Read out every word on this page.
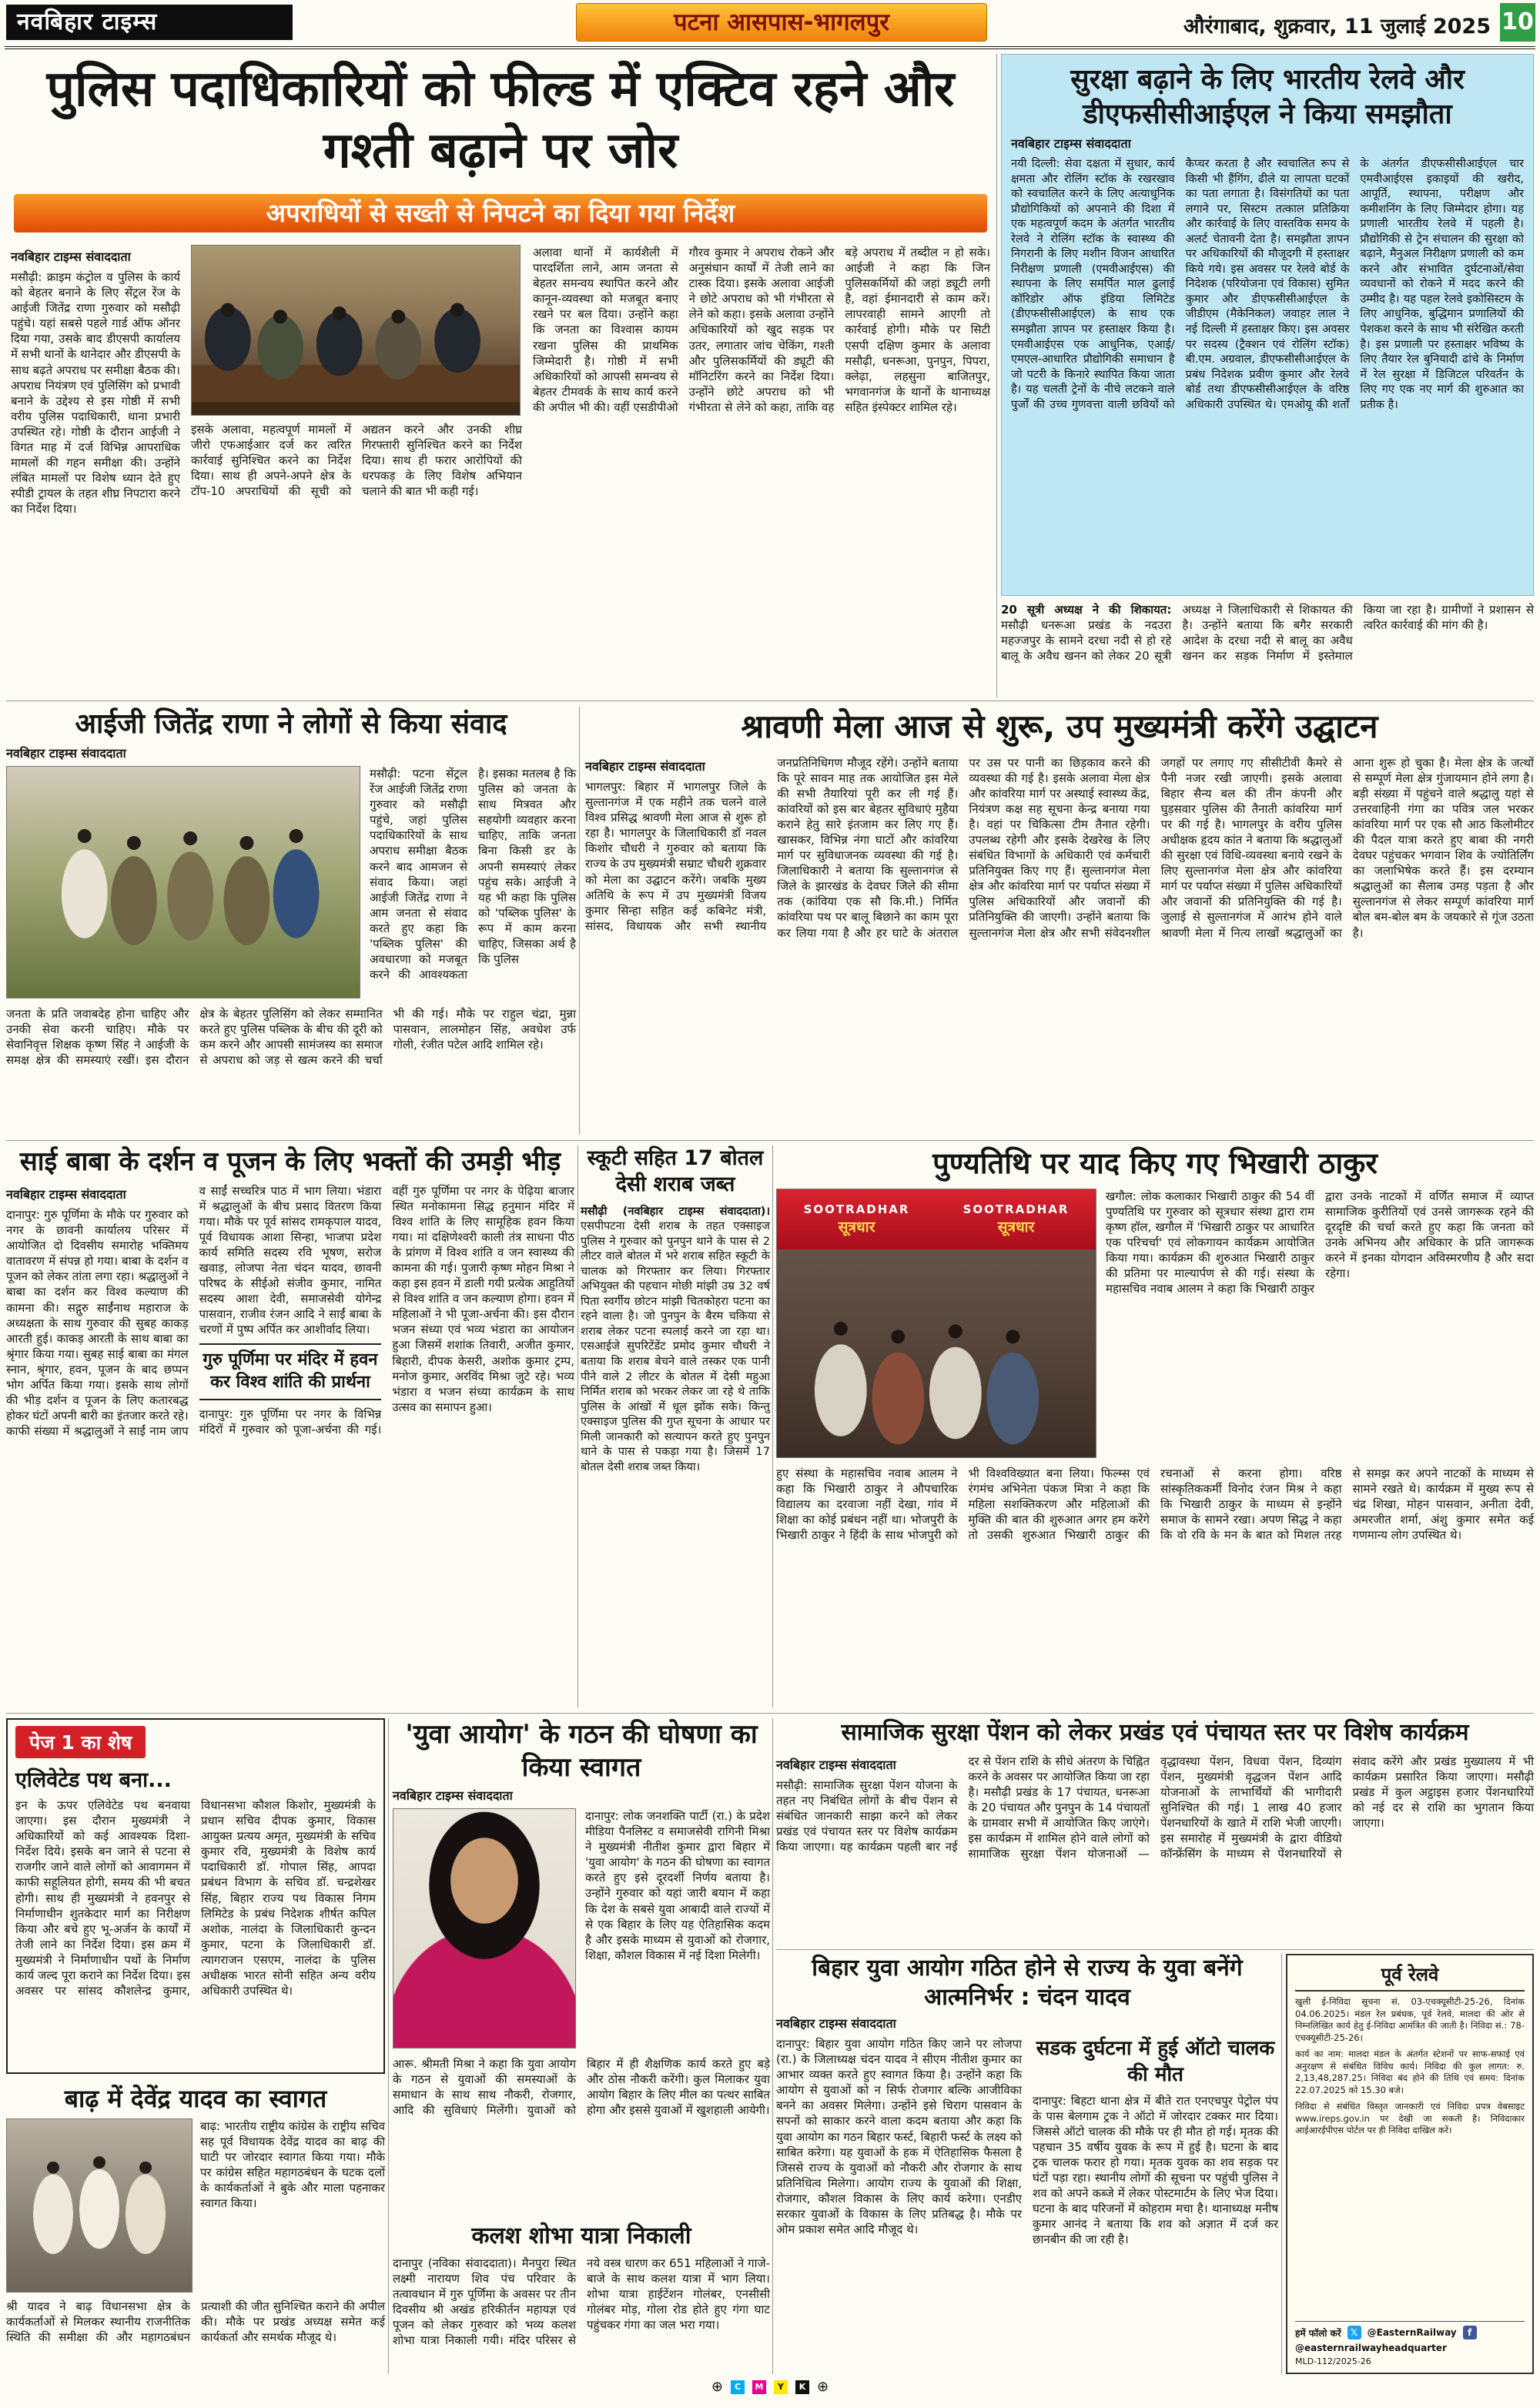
नवबिहार टाइम्स	पटना आसपास-भागलपुर	औरंगाबाद, शुक्रवार, 11 जुलाई 2025 10
पुलिस पदाधिकारियों को फील्ड में एक्टिव रहने और गश्ती बढ़ाने पर जोर
अपराधियों से सख्ती से निपटने का दिया गया निर्देश
नवबिहार टाइम्स संवाददाता
मसौढ़ी: क्राइम कंट्रोल व पुलिस के कार्य को बेहतर बनाने के लिए सेंट्रल रेंज के आईजी जितेंद्र राणा गुरुवार को मसौढ़ी पहुंचे। यहां सबसे पहले गार्ड ऑफ ऑनर दिया गया, उसके बाद डीएसपी कार्यालय में सभी थानों के थानेदार और डीएसपी के साथ बढ़ते अपराध पर समीक्षा बैठक की। अपराध नियंत्रण एवं पुलिसिंग को प्रभावी बनाने के उद्देश्य से इस गोष्ठी में सभी वरीय पुलिस पदाधिकारी, थाना प्रभारी उपस्थित रहे। गोष्ठी के दौरान आईजी ने विगत माह में दर्ज विभिन्न आपराधिक मामलों की गहन समीक्षा की। उन्होंने लंबित मामलों पर विशेष ध्यान देते हुए स्पीडी ट्रायल के तहत शीघ्र निपटारा करने का निर्देश दिया।
इसके अलावा, महत्वपूर्ण मामलों में जीरो एफआईआर दर्ज कर त्वरित कार्रवाई सुनिश्चित करने का निर्देश दिया। साथ ही अपने-अपने क्षेत्र के टॉप-10 अपराधियों की सूची को अद्यतन करने और उनकी शीघ्र गिरफ्तारी सुनिश्चित करने का निर्देश दिया। साथ ही फरार आरोपियों की धरपकड़ के लिए विशेष अभियान चलाने की बात भी कही गई।
अलावा थानों में कार्यशैली में पारदर्शिता लाने, आम जनता से बेहतर समन्वय स्थापित करने और कानून-व्यवस्था को मजबूत बनाए रखने पर बल दिया। उन्होंने कहा कि जनता का विश्वास कायम रखना पुलिस की प्राथमिक जिम्मेदारी है। गोष्ठी में सभी अधिकारियों को आपसी समन्वय से बेहतर टीमवर्क के साथ कार्य करने की अपील भी की। वहीं एसडीपीओ गौरव कुमार ने अपराध रोकने और अनुसंधान कार्यों में तेजी लाने का टास्क दिया। इसके अलावा आईजी ने छोटे अपराध को भी गंभीरता से लेने को कहा। इसके अलावा उन्होंने अधिकारियों को खुद सड़क पर उतर, लगातार जांच चेकिंग, गश्ती और पुलिसकर्मियों की ड्यूटी की मॉनिटरिंग करने का निर्देश दिया। उन्होंने छोटे अपराध को भी गंभीरता से लेने को कहा, ताकि वह बड़े अपराध में तब्दील न हो सके। आईजी ने कहा कि जिन पुलिसकर्मियों की जहां ड्यूटी लगी है, वहां ईमानदारी से काम करें। लापरवाही सामने आएगी तो कार्रवाई होगी। मौके पर सिटी एसपी दक्षिण कुमार के अलावा मसौढ़ी, धनरूआ, पुनपुन, पिपरा, क्लेढ़ा, लहसुना बाजितपुर, भगवानगंज के थानों के थानाध्यक्ष सहित इंस्पेक्टर शामिल रहे।
सुरक्षा बढ़ाने के लिए भारतीय रेलवे और डीएफसीसीआईएल ने किया समझौता
नवबिहार टाइम्स संवाददाता
नयी दिल्ली: सेवा दक्षता में सुधार, कार्य क्षमता और रोलिंग स्टॉक के रखरखाव को स्वचालित करने के लिए अत्याधुनिक प्रौद्योगिकियों को अपनाने की दिशा में एक महत्वपूर्ण कदम के अंतर्गत भारतीय रेलवे ने रोलिंग स्टॉक के स्वास्थ्य की निगरानी के लिए मशीन विजन आधारित निरीक्षण प्रणाली (एमवीआईएस) की स्थापना के लिए समर्पित माल ढुलाई कॉरिडोर ऑफ इंडिया लिमिटेड (डीएफसीसीआईएल) के साथ एक समझौता ज्ञापन पर हस्ताक्षर किया है। एमवीआईएस एक आधुनिक, एआई/एमएल-आधारित प्रौद्योगिकी समाधान है जो पटरी के किनारे स्थापित किया जाता है। यह चलती ट्रेनों के नीचे लटकने वाले पुर्जों की उच्च गुणवत्ता वाली छवियों को कैप्चर करता है और स्वचालित रूप से किसी भी हैंगिंग, ढीले या लापता घटकों का पता लगाता है। विसंगतियों का पता लगाने पर, सिस्टम तत्काल प्रतिक्रिया और कार्रवाई के लिए वास्तविक समय के अलर्ट चेतावनी देता है। समझौता ज्ञापन पर अधिकारियों की मौजूदगी में हस्ताक्षर किये गये। इस अवसर पर रेलवे बोर्ड के निदेशक (परियोजना एवं विकास) सुमित कुमार और डीएफसीसीआईएल के जीडीएम (मैकेनिकल) जवाहर लाल ने नई दिल्ली में हस्ताक्षर किए। इस अवसर पर सदस्य (ट्रैक्शन एवं रोलिंग स्टॉक) बी.एम. अग्रवाल, डीएफसीसीआईएल के प्रबंध निदेशक प्रवीण कुमार और रेलवे बोर्ड तथा डीएफसीसीआईएल के वरिष्ठ अधिकारी उपस्थित थे। एमओयू की शर्तों के अंतर्गत डीएफसीसीआईएल चार एमवीआईएस इकाइयों की खरीद, आपूर्ति, स्थापना, परीक्षण और कमीशनिंग के लिए जिम्मेदार होगा। यह प्रणाली भारतीय रेलवे में पहली है। प्रौद्योगिकी से ट्रेन संचालन की सुरक्षा को बढ़ाने, मैनुअल निरीक्षण प्रणाली को कम करने और संभावित दुर्घटनाओं/सेवा व्यवधानों को रोकने में मदद करने की उम्मीद है। यह पहल रेलवे इकोसिस्टम के लिए आधुनिक, बुद्धिमान प्रणालियों की पेशकश करने के साथ भी संरेखित करती है। इस प्रणाली पर हस्ताक्षर भविष्य के लिए तैयार रेल बुनियादी ढांचे के निर्माण में रेल सुरक्षा में डिजिटल परिवर्तन के लिए गए एक नए मार्ग की शुरुआत का प्रतीक है।
20 सूत्री अध्यक्ष ने की शिकायत: मसौढ़ी धनरूआ प्रखंड के नदउरा महज्जपुर के सामने दरधा नदी से हो रहे बालू के अवैध खनन को लेकर 20 सूत्री अध्यक्ष ने जिलाधिकारी से शिकायत की है। उन्होंने बताया कि बगैर सरकारी आदेश के दरधा नदी से बालू का अवैध खनन कर सड़क निर्माण में इस्तेमाल किया जा रहा है। ग्रामीणों ने प्रशासन से त्वरित कार्रवाई की मांग की है।
आईजी जितेंद्र राणा ने लोगों से किया संवाद
नवबिहार टाइम्स संवाददाता
मसौढ़ी: पटना सेंट्रल रेंज आईजी जितेंद्र राणा गुरुवार को मसौढ़ी पहुंचे, जहां पुलिस पदाधिकारियों के साथ अपराध समीक्षा बैठक करने बाद आमजन से संवाद किया। जहां आईजी जितेंद्र राणा ने आम जनता से संवाद करते हुए कहा कि 'पब्लिक पुलिस' की अवधारणा को मजबूत करने की आवश्यकता है। इसका मतलब है कि पुलिस को जनता के साथ मित्रवत और सहयोगी व्यवहार करना चाहिए, ताकि जनता बिना किसी डर के अपनी समस्याएं लेकर पहुंच सके। आईजी ने यह भी कहा कि पुलिस को 'पब्लिक पुलिस' के रूप में काम करना चाहिए, जिसका अर्थ है कि पुलिस
जनता के प्रति जवाबदेह होना चाहिए और उनकी सेवा करनी चाहिए। मौके पर सेवानिवृत्त शिक्षक कृष्ण सिंह ने आईजी के समक्ष क्षेत्र की समस्याएं रखीं। इस दौरान क्षेत्र के बेहतर पुलिसिंग को लेकर सम्मानित करते हुए पुलिस पब्लिक के बीच की दूरी को कम करने और आपसी सामंजस्य का समाज से अपराध को जड़ से खत्म करने की चर्चा भी की गई। मौके पर राहुल चंद्रा, मुन्ना पासवान, लालमोहन सिंह, अवधेश उर्फ गोली, रंजीत पटेल आदि शामिल रहे।
श्रावणी मेला आज से शुरू, उप मुख्यमंत्री करेंगे उद्घाटन
नवबिहार टाइम्स संवाददाता
भागलपुर: बिहार में भागलपुर जिले के सुल्तानगंज में एक महीने तक चलने वाले विश्व प्रसिद्ध श्रावणी मेला आज से शुरू हो रहा है। भागलपुर के जिलाधिकारी डॉ नवल किशोर चौधरी ने गुरुवार को बताया कि राज्य के उप मुख्यमंत्री सम्राट चौधरी शुक्रवार को मेला का उद्घाटन करेंगे। जबकि मुख्य अतिथि के रूप में उप मुख्यमंत्री विजय कुमार सिन्हा सहित कई कबिनेट मंत्री, सांसद, विधायक और सभी स्थानीय जनप्रतिनिधिगण मौजूद रहेंगे। उन्होंने बताया कि पूरे सावन माह तक आयोजित इस मेले की सभी तैयारियां पूरी कर ली गई हैं। कांवरियों को इस बार बेहतर सुविधाएं मुहैया कराने हेतु सारे इंतजाम कर लिए गए हैं। खासकर, विभिन्न नंगा घाटों और कांवरिया मार्ग पर सुविधाजनक व्यवस्था की गई है। जिलाधिकारी ने बताया कि सुल्तानगंज से जिले के झारखंड के देवघर जिले की सीमा तक (कांविया एक सौ कि.मी.) निर्मित कांवरिया पथ पर बालू बिछाने का काम पूरा कर लिया गया है और हर घाटे के अंतराल पर उस पर पानी का छिड़काव करने की व्यवस्था की गई है। इसके अलावा मेला क्षेत्र और कांवरिया मार्ग पर अस्थाई स्वास्थ्य केंद्र, नियंत्रण कक्ष सह सूचना केन्द्र बनाया गया है। वहां पर चिकित्सा टीम तैनात रहेगी। उपलब्ध रहेगी और इसके देखरेख के लिए संबंधित विभागों के अधिकारी एवं कर्मचारी प्रतिनियुक्त किए गए हैं। सुल्तानगंज मेला क्षेत्र और कांवरिया मार्ग पर पर्याप्त संख्या में पुलिस अधिकारियों और जवानों की प्रतिनियुक्ति की जाएगी। उन्होंने बताया कि सुल्तानगंज मेला क्षेत्र और सभी संवेदनशील जगहों पर लगाए गए सीसीटीवी कैमरे से पैनी नजर रखी जाएगी। इसके अलावा बिहार सैन्य बल की तीन कंपनी और घुड़सवार पुलिस की तैनाती कांवरिया मार्ग पर की गई है। भागलपुर के वरीय पुलिस अधीक्षक हृदय कांत ने बताया कि श्रद्धालुओं की सुरक्षा एवं विधि-व्यवस्था बनाये रखने के लिए सुल्तानगंज मेला क्षेत्र और कांवरिया मार्ग पर पर्याप्त संख्या में पुलिस अधिकारियों और जवानों की प्रतिनियुक्ति की गई है। जुलाई से सुल्तानगंज में आरंभ होने वाले श्रावणी मेला में नित्य लाखों श्रद्धालुओं का आना शुरू हो चुका है। मेला क्षेत्र के जत्थों से सम्पूर्ण मेला क्षेत्र गुंजायमान होने लगा है। बड़ी संख्या में पहुंचने वाले श्रद्धालु यहां से उत्तरवाहिनी गंगा का पवित्र जल भरकर कांवरिया मार्ग पर एक सौ आठ किलोमीटर की पैदल यात्रा करते हुए बाबा की नगरी देवघर पहुंचकर भगवान शिव के ज्योतिर्लिंग का जलाभिषेक करते हैं। इस दरम्यान श्रद्धालुओं का सैलाब उमड़ पड़ता है और सुल्तानगंज से लेकर सम्पूर्ण कांवरिया मार्ग बोल बम-बोल बम के जयकारे से गूंज उठता है।
साई बाबा के दर्शन व पूजन के लिए भक्तों की उमड़ी भीड़
नवबिहार टाइम्स संवाददाता
दानापुर: गुरु पूर्णिमा के मौके पर गुरुवार को नगर के छावनी कार्यालय परिसर में आयोजित दो दिवसीय समारोह भक्तिमय वातावरण में संपन्न हो गया। बाबा के दर्शन व पूजन को लेकर तांता लगा रहा। श्रद्धालुओं ने बाबा का दर्शन कर विश्व कल्याण की कामना की। सद्गुरु साईंनाथ महाराज के अध्यक्षता के साथ गुरुवार की सुबह काकड़ आरती हुई। काकड़ आरती के साथ बाबा का श्रृंगार किया गया। सुबह साई बाबा का मंगल स्नान, श्रृंगार, हवन, पूजन के बाद छप्पन भोग अर्पित किया गया। इसके साथ लोगों की भीड़ दर्शन व पूजन के लिए कतारबद्ध होकर घंटों अपनी बारी का इंतजार करते रहे। काफी संख्या में श्रद्धालुओं ने साईं नाम जाप व साईं सच्चरित्र पाठ में भाग लिया। भंडारा में श्रद्धालुओं के बीच प्रसाद वितरण किया गया। मौके पर पूर्व सांसद रामकृपाल यादव, पूर्व विधायक आशा सिन्हा, भाजपा प्रदेश कार्य समिति सदस्य रवि भूषण, सरोज खवाड़, लोजपा नेता चंदन यादव, छावनी परिषद के सीईओ संजीव कुमार, नामित सदस्य आशा देवी, समाजसेवी योगेन्द्र पासवान, राजीव रंजन आदि ने साईं बाबा के चरणों में पुष्प अर्पित कर आशीर्वाद लिया।
गुरु पूर्णिमा पर मंदिर में हवन कर विश्व शांति की प्रार्थना
दानापुर: गुरु पूर्णिमा पर नगर के विभिन्न मंदिरों में गुरुवार को पूजा-अर्चना की गई। वहीं गुरु पूर्णिमा पर नगर के पेढ़िया बाजार स्थित मनोकामना सिद्ध हनुमान मंदिर में विश्व शांति के लिए सामूहिक हवन किया गया। मां दक्षिणेश्वरी काली तंत्र साधना पीठ के प्रांगण में विश्व शांति व जन स्वास्थ्य की कामना की गई। पुजारी कृष्ण मोहन मिश्रा ने कहा इस हवन में डाली गयी प्रत्येक आहुतियों से विश्व शांति व जन कल्याण होगा। हवन में महिलाओं ने भी पूजा-अर्चना की। इस दौरान भजन संध्या एवं भव्य भंडारा का आयोजन हुआ जिसमें शशांक तिवारी, अजीत कुमार, बिहारी, दीपक केसरी, अशोक कुमार ट्रम्प, मनोज कुमार, अरविंद मिश्रा जुटे रहे। भव्य भंडारा व भजन संध्या कार्यक्रम के साथ उत्सव का समापन हुआ।
स्कूटी सहित 17 बोतल देसी शराब जब्त
मसौढ़ी (नवबिहार टाइम्स संवाददाता)। एसपीपटना देसी शराब के तहत एक्साइज पुलिस ने गुरुवार को पुनपुन थाने के पास से 2 लीटर वाले बोतल में भरे शराब सहित स्कूटी के चालक को गिरफ्तार कर लिया। गिरफ्तार अभियुक्त की पहचान मोछी मांझी उम्र 32 वर्ष पिता स्वर्गीय छोटन मांझी चितकोहरा पटना का रहने वाला है। जो पुनपुन के बैरम चकिया से शराब लेकर पटना स्पलाई करने जा रहा था। एसआईजे सुपरिटेंडेंट प्रमोद कुमार चौधरी ने बताया कि शराब बेचने वाले तस्कर एक पानी पीने वाले 2 लीटर के बोतल में देसी महुआ निर्मित शराब को भरकर लेकर जा रहे थे ताकि पुलिस के आंखों में धूल झोंक सके। किन्तु एक्साइज पुलिस की गुप्त सूचना के आधार पर मिली जानकारी को सत्यापन करते हुए पुनपुन थाने के पास से पकड़ा गया है। जिसमें 17 बोतल देसी शराब जब्त किया।
पुण्यतिथि पर याद किए गए भिखारी ठाकुर
SOOTRADHAR
सूत्रधार
SOOTRADHAR
सूत्रधार
खगौल: लोक कलाकार भिखारी ठाकुर की 54 वीं पुण्यतिथि पर गुरुवार को सूत्रधार संस्था द्वारा राम कृष्ण हॉल, खगौल में 'भिखारी ठाकुर पर आधारित एक परिचर्चा' एवं लोकगायन कार्यक्रम आयोजित किया गया। कार्यक्रम की शुरुआत भिखारी ठाकुर की प्रतिमा पर माल्यार्पण से की गई। संस्था के महासचिव नवाब आलम ने कहा कि भिखारी ठाकुर द्वारा उनके नाटकों में वर्णित समाज में व्याप्त सामाजिक कुरीतियों एवं उनसे जागरूक रहने की दूरदृष्टि की चर्चा करते हुए कहा कि जनता को उनके अभिनय और अधिकार के प्रति जागरूक करने में इनका योगदान अविस्मरणीय है और सदा रहेगा।
हुए संस्था के महासचिव नवाब आलम ने कहा कि भिखारी ठाकुर ने औपचारिक विद्यालय का दरवाजा नहीं देखा, गांव में शिक्षा का कोई प्रबंधन नहीं था। भोजपुरी के भिखारी ठाकुर ने हिंदी के साथ भोजपुरी को भी विश्वविख्यात बना लिया। फिल्म्स एवं रंगमंच अभिनेता पंकज मित्रा ने कहा कि महिला सशक्तिकरण और महिलाओं की मुक्ति की बात की शुरुआत अगर हम करेंगे तो उसकी शुरुआत भिखारी ठाकुर की रचनाओं से करना होगा। वरिष्ठ सांस्कृतिककर्मी विनोद रंजन मिश्र ने कहा कि भिखारी ठाकुर के माध्यम से इन्होंने समाज के सामने रखा। अपण सिद्ध ने कहा कि वो रवि के मन के बात को मिशल तरह से समझ कर अपने नाटकों के माध्यम से सामने रखते थे। कार्यक्रम में मुख्य रूप से चंद्र शिखा, मोहन पासवान, अनीता देवी, अमरजीत शर्मा, अंशु कुमार समेत कई गणमान्य लोग उपस्थित थे।
पेज 1 का शेष
एलिवेटेड पथ बना...
इन के ऊपर एलिवेटेड पथ बनवाया जाएगा। इस दौरान मुख्यमंत्री ने अधिकारियों को कई आवश्यक दिशा-निर्देश दिये। इसके बन जाने से पटना से राजगीर जाने वाले लोगों को आवागमन में काफी सहूलियत होगी, समय की भी बचत होगी। साथ ही मुख्यमंत्री ने हवनपुर से निर्माणाधीन शुतकेदार मार्ग का निरीक्षण किया और बचे हुए भू-अर्जन के कार्यों में तेजी लाने का निर्देश दिया। इस क्रम में मुख्यमंत्री ने निर्माणाधीन पथों के निर्माण कार्य जल्द पूरा कराने का निर्देश दिया। इस अवसर पर सांसद कौशलेन्द्र कुमार, विधानसभा कौशल किशोर, मुख्यमंत्री के प्रधान सचिव दीपक कुमार, विकास आयुक्त प्रत्यय अमृत, मुख्यमंत्री के सचिव कुमार रवि, मुख्यमंत्री के विशेष कार्य पदाधिकारी डॉ. गोपाल सिंह, आपदा प्रबंधन विभाग के सचिव डॉ. चन्द्रशेखर सिंह, बिहार राज्य पथ विकास निगम लिमिटेड के प्रबंध निदेशक शीर्षत कपिल अशोक, नालंदा के जिलाधिकारी कुन्दन कुमार, पटना के जिलाधिकारी डॉ. त्यागराजन एसएम, नालंदा के पुलिस अधीक्षक भारत सोनी सहित अन्य वरीय अधिकारी उपस्थित थे।
बाढ़ में देवेंद्र यादव का स्वागत
बाढ़: भारतीय राष्ट्रीय कांग्रेस के राष्ट्रीय सचिव सह पूर्व विधायक देवेंद्र यादव का बाढ़ की घाटी पर जोरदार स्वागत किया गया। मौके पर कांग्रेस सहित महागठबंधन के घटक दलों के कार्यकर्ताओं ने बुके और माला पहनाकर स्वागत किया।
श्री यादव ने बाढ़ विधानसभा क्षेत्र के कार्यकर्ताओं से मिलकर स्थानीय राजनीतिक स्थिति की समीक्षा की और महागठबंधन प्रत्याशी की जीत सुनिश्चित कराने की अपील की। मौके पर प्रखंड अध्यक्ष समेत कई कार्यकर्ता और समर्थक मौजूद थे।
'युवा आयोग' के गठन की घोषणा का किया स्वागत
नवबिहार टाइम्स संवाददाता
दानापुर: लोक जनशक्ति पार्टी (रा.) के प्रदेश मीडिया पैनलिस्ट व समाजसेवी रागिनी मिश्रा ने मुख्यमंत्री नीतीश कुमार द्वारा बिहार में 'युवा आयोग' के गठन की घोषणा का स्वागत करते हुए इसे दूरदर्शी निर्णय बताया है। उन्होंने गुरुवार को यहां जारी बयान में कहा कि देश के सबसे युवा आबादी वाले राज्यों में से एक बिहार के लिए यह ऐतिहासिक कदम है और इसके माध्यम से युवाओं को रोजगार, शिक्षा, कौशल विकास में नई दिशा मिलेगी।
आरू. श्रीमती मिश्रा ने कहा कि युवा आयोग के गठन से युवाओं की समस्याओं के समाधान के साथ साथ नौकरी, रोजगार, आदि की सुविधाएं मिलेंगी। युवाओं को बिहार में ही शैक्षणिक कार्य करते हुए बड़े और ठोस नौकरी करेंगी। कुल मिलाकर युवा आयोग बिहार के लिए मील का पत्थर साबित होगा और इससे युवाओं में खुशहाली आयेगी।
कलश शोभा यात्रा निकाली
दानापुर (नविका संवाददाता)। मैनपुरा स्थित लक्ष्मी नारायण शिव पंच परिवार के तत्वावधान में गुरु पूर्णिमा के अवसर पर तीन दिवसीय श्री अखंड हरिकीर्तन महायज्ञ एवं पूजन को लेकर गुरुवार को भव्य कलश शोभा यात्रा निकाली गयी। मंदिर परिसर से नये वस्त्र धारण कर 651 महिलाओं ने गाजे-बाजे के साथ कलश यात्रा में भाग लिया। शोभा यात्रा हाईटेंशन गोलंबर, एनसीसी गोलंबर मोड़, गोला रोड होते हुए गंगा घाट पहुंचकर गंगा का जल भरा गया।
सामाजिक सुरक्षा पेंशन को लेकर प्रखंड एवं पंचायत स्तर पर विशेष कार्यक्रम
नवबिहार टाइम्स संवाददाता
मसौढ़ी: सामाजिक सुरक्षा पेंशन योजना के तहत नए निबंधित लोगों के बीच पेंशन से संबंधित जानकारी साझा करने को लेकर प्रखंड एवं पंचायत स्तर पर विशेष कार्यक्रम किया जाएगा। यह कार्यक्रम पहली बार नई दर से पेंशन राशि के सीधे अंतरण के चिह्नित करने के अवसर पर आयोजित किया जा रहा है। मसौढ़ी प्रखंड के 17 पंचायत, धनरूआ के 20 पंचायत और पुनपुन के 14 पंचायतों के ग्रामवार सभी में आयोजित किए जाएंगे। इस कार्यक्रम में शामिल होने वाले लोगों को सामाजिक सुरक्षा पेंशन योजनाओं — वृद्धावस्था पेंशन, विधवा पेंशन, दिव्यांग पेंशन, मुख्यमंत्री वृद्धजन पेंशन आदि योजनाओं के लाभार्थियों की भागीदारी सुनिश्चित की गई। 1 लाख 40 हजार पेंशनधारियों के खाते में राशि भेजी जाएगी। इस समारोह में मुख्यमंत्री के द्वारा वीडियो कॉन्फ्रेंसिंग के माध्यम से पेंशनधारियों से संवाद करेंगे और प्रखंड मुख्यालय में भी कार्यक्रम प्रसारित किया जाएगा। मसौढ़ी प्रखंड में कुल अट्ठाइस हजार पेंशनधारियों को नई दर से राशि का भुगतान किया जाएगा।
बिहार युवा आयोग गठित होने से राज्य के युवा बनेंगे आत्मनिर्भर : चंदन यादव
नवबिहार टाइम्स संवाददाता
दानापुर: बिहार युवा आयोग गठित किए जाने पर लोजपा (रा.) के जिलाध्यक्ष चंदन यादव ने सीएम नीतीश कुमार का आभार व्यक्त करते हुए स्वागत किया है। उन्होंने कहा कि आयोग से युवाओं को न सिर्फ रोजगार बल्कि आजीविका बनने का अवसर मिलेगा। उन्होंने इसे चिराग पासवान के सपनों को साकार करने वाला कदम बताया और कहा कि युवा आयोग का गठन बिहार फर्स्ट, बिहारी फर्स्ट के लक्ष्य को साबित करेगा। यह युवाओं के हक में ऐतिहासिक फैसला है जिससे राज्य के युवाओं को नौकरी और रोजगार के साथ प्रतिनिधित्व मिलेगा। आयोग राज्य के युवाओं की शिक्षा, रोजगार, कौशल विकास के लिए कार्य करेगा। एनडीए सरकार युवाओं के विकास के लिए प्रतिबद्ध है। मौके पर ओम प्रकाश समेत आदि मौजूद थे।
सडक दुर्घटना में हुई ऑटो चालक की मौत
दानापुर: बिहटा थाना क्षेत्र में बीते रात एनएचपुर पेट्रोल पंप के पास बेलगाम ट्रक ने ऑटो में जोरदार टक्कर मार दिया। जिससे ऑटो चालक की मौके पर ही मौत हो गई। मृतक की पहचान 35 वर्षीय युवक के रूप में हुई है। घटना के बाद ट्रक चालक फरार हो गया। मृतक युवक का शव सड़क पर घंटों पड़ा रहा। स्थानीय लोगों की सूचना पर पहुंची पुलिस ने शव को अपने कब्जे में लेकर पोस्टमार्टम के लिए भेज दिया। घटना के बाद परिजनों में कोहराम मचा है। थानाध्यक्ष मनीष कुमार आनंद ने बताया कि शव को अज्ञात में दर्ज कर छानबीन की जा रही है।
पूर्व रेलवे
खुली ई-निविदा सूचना सं. 03-एचक्यूसीटी-25-26, दिनांक 04.06.2025। मंडल रेल प्रबंधक, पूर्व रेलवे, मालदा की ओर से निम्नलिखित कार्य हेतु ई-निविदा आमंत्रित की जाती है। निविदा सं.: 78-एचक्यूसीटी-25-26।
कार्य का नाम: मालदा मंडल के अंतर्गत स्टेशनों पर साफ-सफाई एवं अनुरक्षण से संबंधित विविध कार्य। निविदा की कुल लागत: रु. 2,13,48,287.25। निविदा बंद होने की तिथि एवं समय: दिनांक 22.07.2025 को 15.30 बजे।
निविदा से संबंधित विस्तृत जानकारी एवं निविदा प्रपत्र वेबसाइट www.ireps.gov.in पर देखी जा सकती है। निविदाकार आईआरईपीएस पोर्टल पर ही निविदा दाखिल करें।
हमें फॉलो करें	𝕏	@EasternRailway	f
@easternrailwayheadquarter
MLD-112/2025-26
⊕	C	M	Y	K ⊕
